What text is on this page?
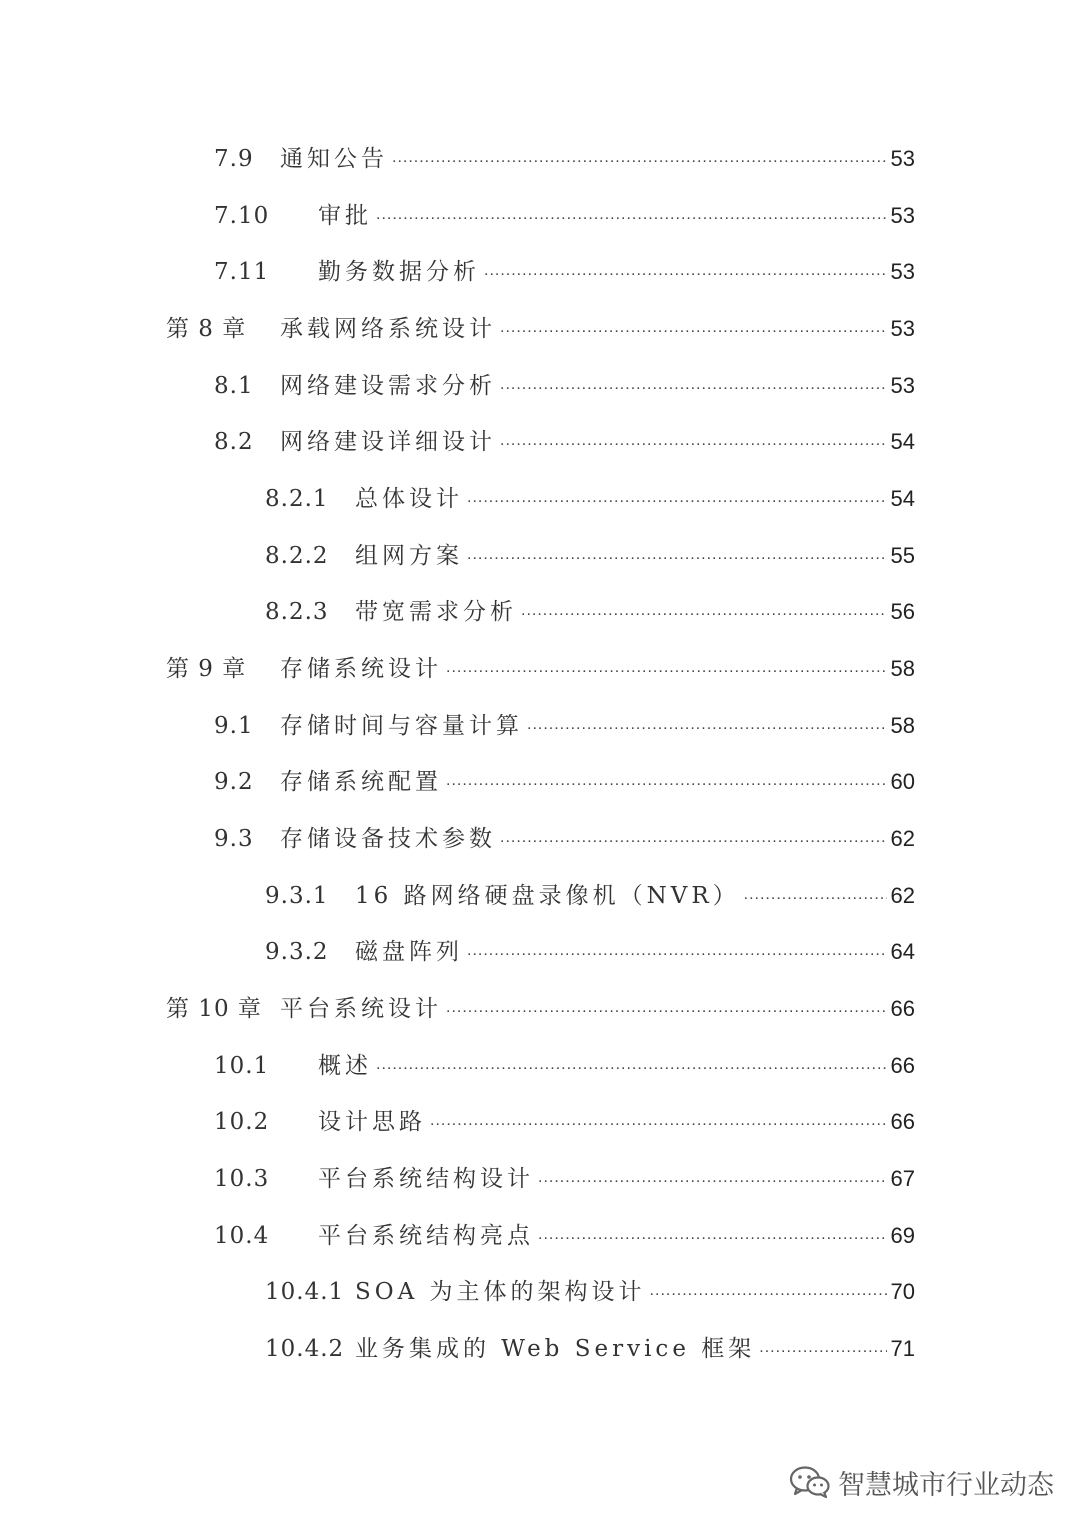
7.9	通知公告 .....	53
7.10	审批 .....	53
7.11	勤务数据分析 .....	53
第 8 章	承载网络系统设计 .....	53
8.1	网络建设需求分析 .....	53
8.2	网络建设详细设计 .....	54
8.2.1	总体设计 .....	54
8.2.2	组网方案 .....	55
8.2.3	带宽需求分析 .....	56
第 9 章	存储系统设计 .....	58
9.1	存储时间与容量计算 .....	58
9.2	存储系统配置 .....	60
9.3	存储设备技术参数 .....	62
9.3.1	16 路网络硬盘录像机（NVR） .....	62
9.3.2	磁盘阵列 .....	64
第 10 章 平台系统设计 .....	66
10.1	概述 .....	66
10.2	设计思路 .....	66
10.3	平台系统结构设计 .....	67
10.4	平台系统结构亮点 .....	69
10.4.1 SOA 为主体的架构设计 .....	70
10.4.2 业务集成的 Web Service 框架 .....	71
智慧城市行业动态
